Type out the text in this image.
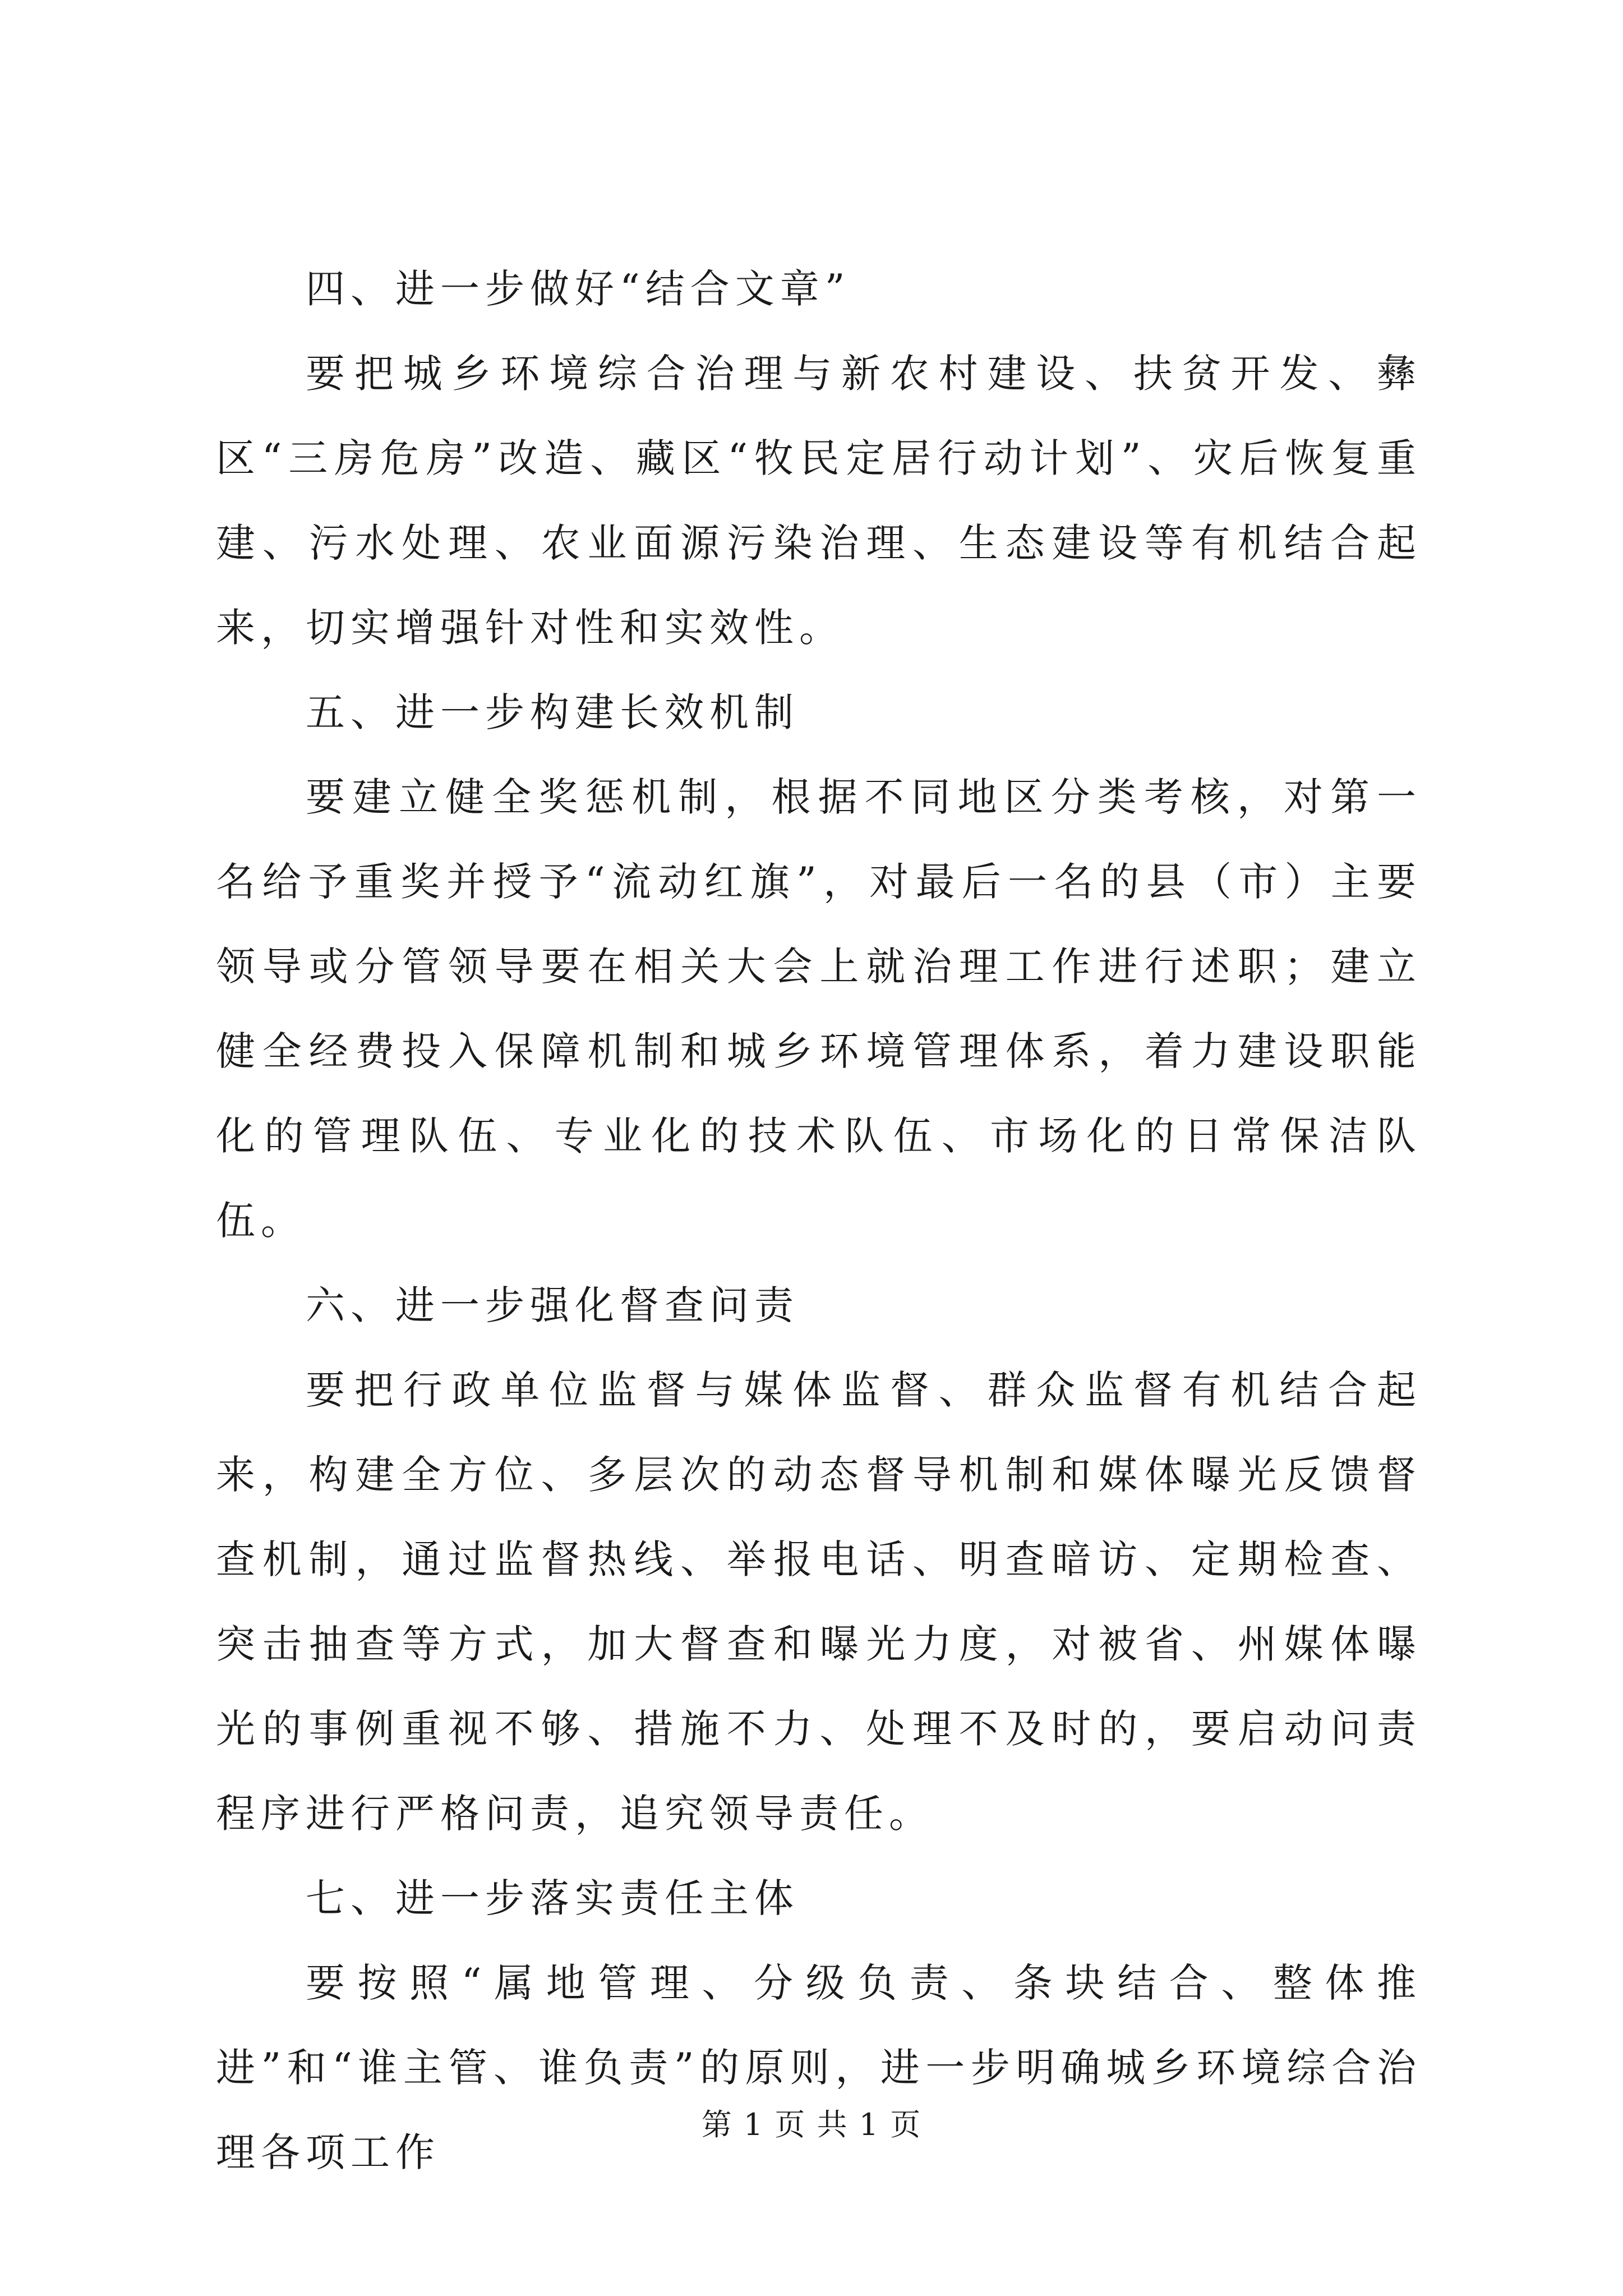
四、进一步做好“结合文章”

要把城乡环境综合治理与新农村建设、扶贫开发、彝区“三房危房”改造、藏区“牧民定居行动计划”、灾后恢复重建、污水处理、农业面源污染治理、生态建设等有机结合起来，切实增强针对性和实效性。

五、进一步构建长效机制

要建立健全奖惩机制，根据不同地区分类考核，对第一名给予重奖并授予“流动红旗”，对最后一名的县（市）主要领导或分管领导要在相关大会上就治理工作进行述职；建立健全经费投入保障机制和城乡环境管理体系，着力建设职能化的管理队伍、专业化的技术队伍、市场化的日常保洁队伍。

六、进一步强化督查问责

要把行政单位监督与媒体监督、群众监督有机结合起来，构建全方位、多层次的动态督导机制和媒体曝光反馈督查机制，通过监督热线、举报电话、明查暗访、定期检查、突击抽查等方式，加大督查和曝光力度，对被省、州媒体曝光的事例重视不够、措施不力、处理不及时的，要启动问责程序进行严格问责，追究领导责任。

七、进一步落实责任主体

要按照“属地管理、分级负责、条块结合、整体推进”和“谁主管、谁负责”的原则，进一步明确城乡环境综合治理各项工作

第 1 页 共 1 页
